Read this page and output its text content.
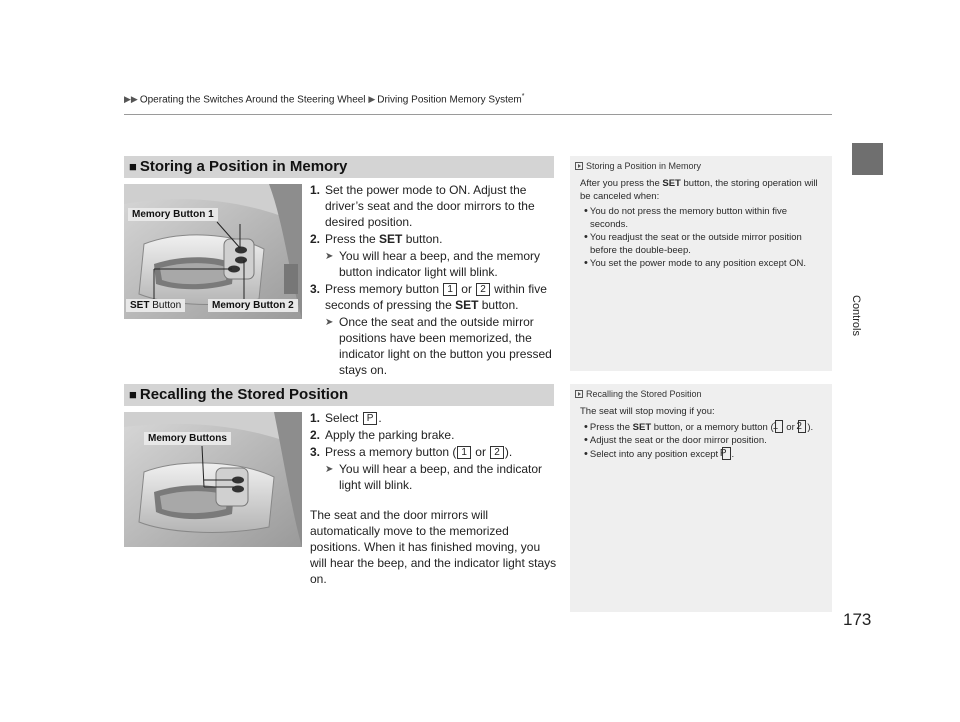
▶▶ Operating the Switches Around the Steering Wheel ▶ Driving Position Memory System*
Controls
173
■ Storing a Position in Memory
Memory Button 1
SET Button	Memory Button 2
1. Set the power mode to ON. Adjust the driver’s seat and the door mirrors to the desired position.
2. Press the SET button.
➤ You will hear a beep, and the memory button indicator light will blink.
3. Press memory button 1 or 2 within five seconds of pressing the SET button.
➤ Once the seat and the outside mirror positions have been memorized, the indicator light on the button you pressed stays on.
Storing a Position in Memory
After you press the SET button, the storing operation will be canceled when:
• You do not press the memory button within five seconds.
• You readjust the seat or the outside mirror position before the double-beep.
• You set the power mode to any position except ON.
■ Recalling the Stored Position
Memory Buttons
1. Select P .
2. Apply the parking brake.
3. Press a memory button ( 1 or 2 ).
➤ You will hear a beep, and the indicator light will blink.
The seat and the door mirrors will automatically move to the memorized positions. When it has finished moving, you will hear the beep, and the indicator light stays on.
Recalling the Stored Position
The seat will stop moving if you:
• Press the SET button, or a memory button (1 or 2 ).
• Adjust the seat or the door mirror position.
• Select into any position except P .
